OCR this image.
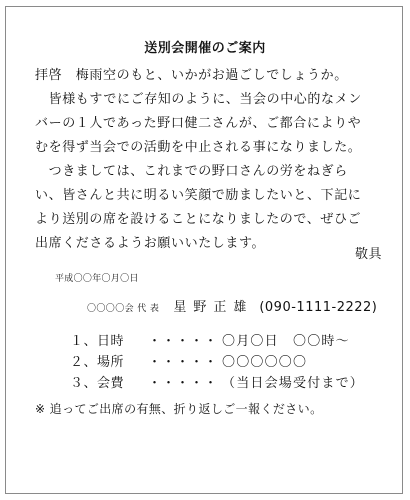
送別会開催のご案内
拝啓　梅雨空のもと、いかがお過ごしでしょうか。
　皆様もすでにご存知のように、当会の中心的なメン
バーの１人であった野口健二さんが、ご都合によりや
むを得ず当会での活動を中止される事になりました。
　つきましては、これまでの野口さんの労をねぎら
い、皆さんと共に明るい笑顔で励ましたいと、下記に
より送別の席を設けることになりましたので、ぜひご
出席くださるようお願いいたします。
敬具
平成〇〇年〇月〇日
〇〇〇〇会 代 表 星野正雄 (090-1111-2222)
１、日時	・・・・・ 〇月〇日　〇〇時～
２、場所	・・・・・ 〇〇〇〇〇〇
３、会費	・・・・・ （当日会場受付まで）
※ 追ってご出席の有無、折り返しご一報ください。
